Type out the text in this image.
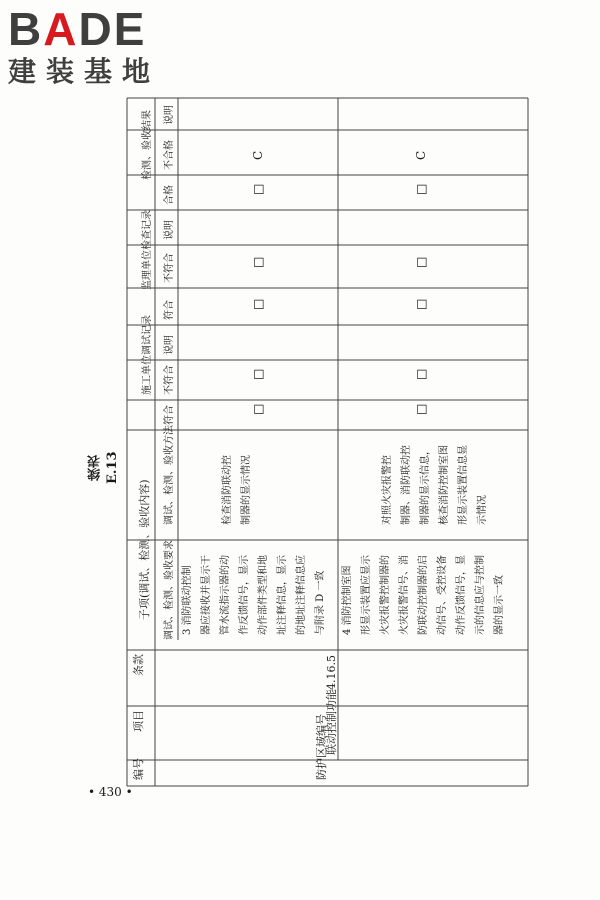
BADE
建装基地
编号
项目
条款
子项(调试、检测、验收内容) 调试、检测、验收要求
调试、检测、验收方法
施工单位调试记录
监理单位检查记录
检测、验收结果
符合
不符合
说明
符合
不符合
说明
合格
不合格
说明
防护区域编号
联动控制功能
4.16.5
3 消防联动控制 器应接收并显示干 管水流指示器的动 作反馈信号，显示 动作部件类型和地 址注释信息，显示 的地址注释信息应 与附录 D 一致
检查消防联动控 制器的显示情况
□
□
□
□
□
C
4 消防控制室图 形显示装置应显示 火灾报警控制器的 火灾报警信号、消 防联动控制器的启 动信号、受控设备 动作反馈信号，显 示的信息应与控制 器的显示一致
对照火灾报警控 制器、消防联动控 制器的显示信息， 核查消防控制室图 形显示装置信息显 示情况
□
□
□
□
□
C
续表 E.13
• 430 •
